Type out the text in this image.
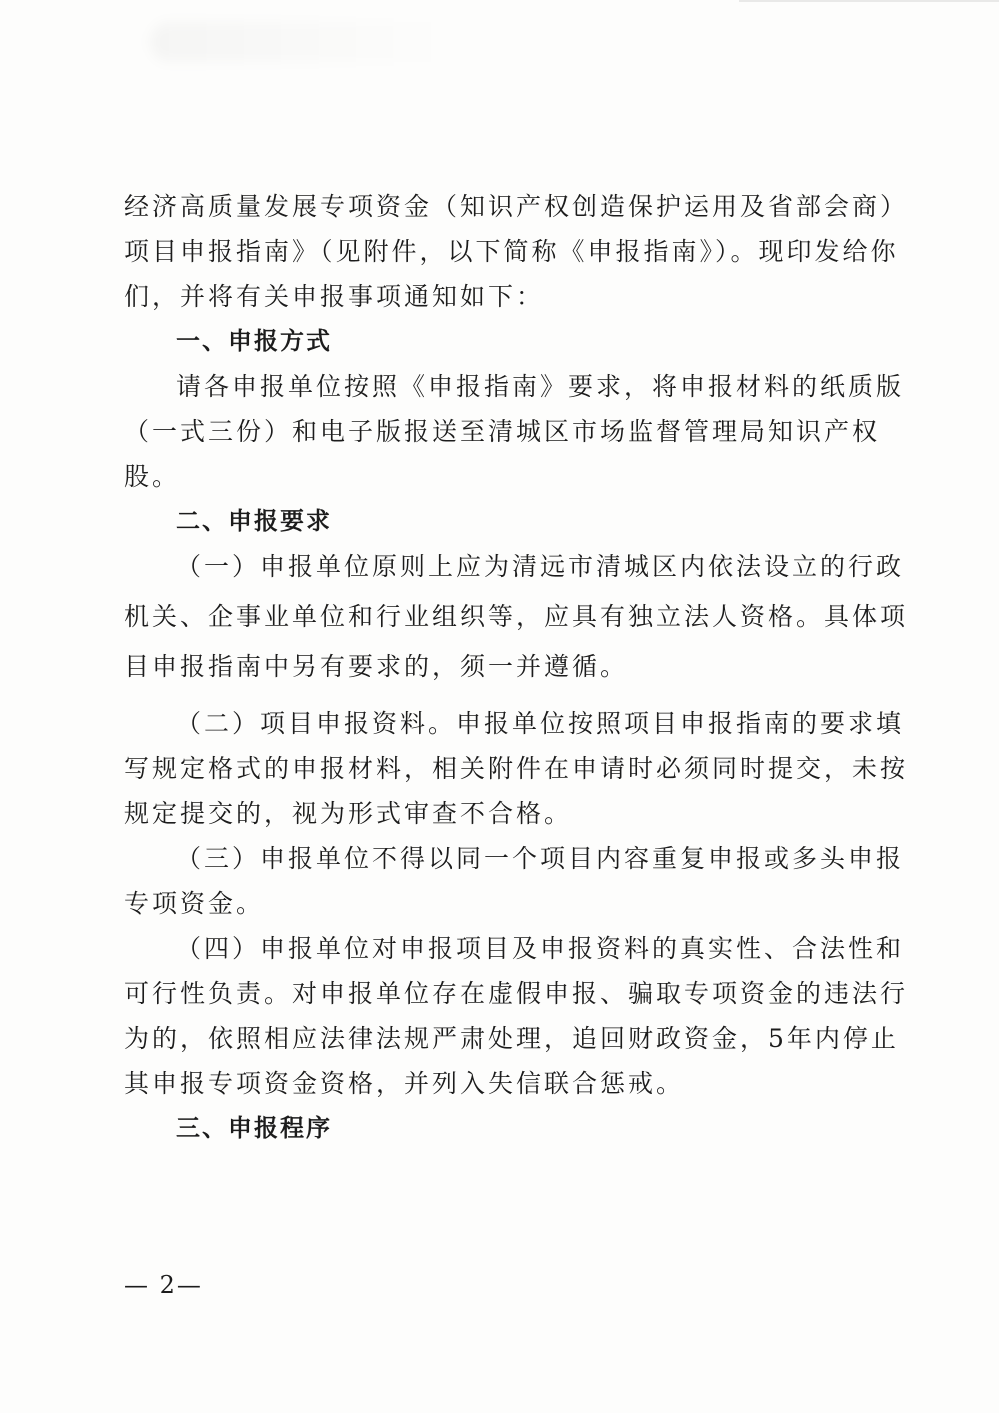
经济高质量发展专项资金（知识产权创造保护运用及省部会商）
项目申报指南》（见附件，以下简称《申报指南》）。现印发给你
们，并将有关申报事项通知如下：
一、申报方式
请各申报单位按照《申报指南》要求，将申报材料的纸质版
（一式三份）和电子版报送至清城区市场监督管理局知识产权
股。
二、申报要求
（一）申报单位原则上应为清远市清城区内依法设立的行政
机关、企事业单位和行业组织等，应具有独立法人资格。具体项
目申报指南中另有要求的，须一并遵循。
（二）项目申报资料。申报单位按照项目申报指南的要求填
写规定格式的申报材料，相关附件在申请时必须同时提交，未按
规定提交的，视为形式审查不合格。
（三）申报单位不得以同一个项目内容重复申报或多头申报
专项资金。
（四）申报单位对申报项目及申报资料的真实性、合法性和
可行性负责。对申报单位存在虚假申报、骗取专项资金的违法行
为的，依照相应法律法规严肃处理，追回财政资金，5年内停止
其申报专项资金资格，并列入失信联合惩戒。
三、申报程序
— 2—
